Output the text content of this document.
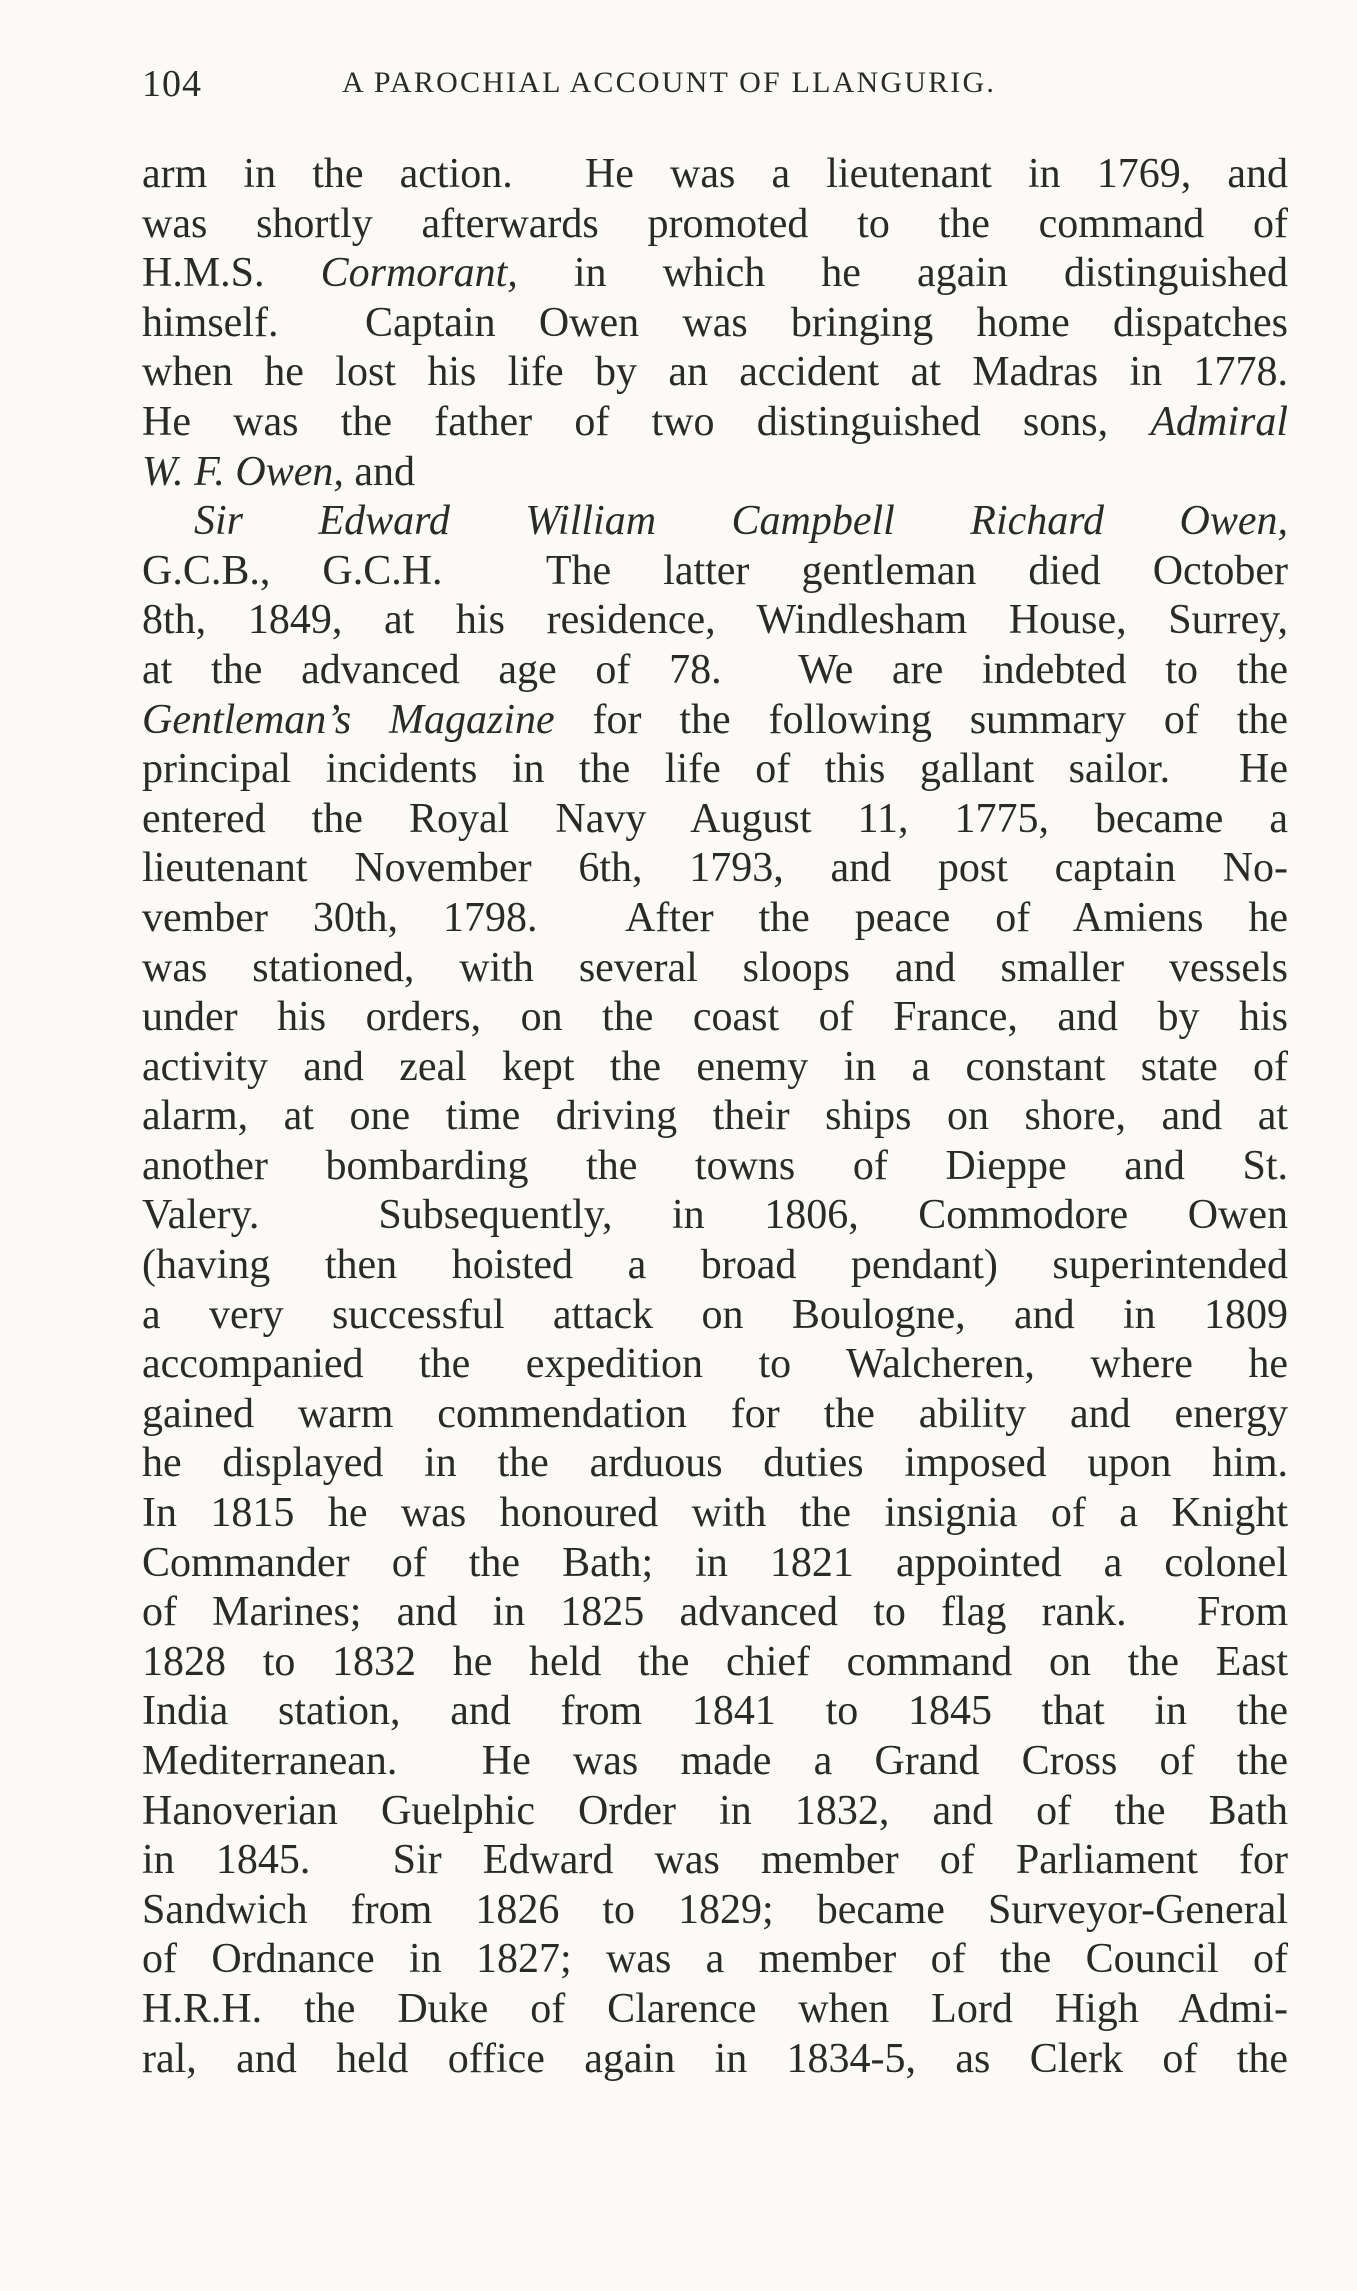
104	A PAROCHIAL ACCOUNT OF LLANGURIG.
arm in the action.  He was a lieutenant in 1769, and
was shortly afterwards promoted to the command of
H.M.S. Cormorant, in which he again distinguished
himself.  Captain Owen was bringing home dispatches
when he lost his life by an accident at Madras in 1778.
He was the father of two distinguished sons, Admiral
W. F. Owen, and
Sir Edward William Campbell Richard Owen,
G.C.B., G.C.H.  The latter gentleman died October
8th, 1849, at his residence, Windlesham House, Surrey,
at the advanced age of 78.  We are indebted to the
Gentleman’s Magazine for the following summary of the
principal incidents in the life of this gallant sailor.  He
entered the Royal Navy August 11, 1775, became a
lieutenant November 6th, 1793, and post captain No-
vember 30th, 1798.  After the peace of Amiens he
was stationed, with several sloops and smaller vessels
under his orders, on the coast of France, and by his
activity and zeal kept the enemy in a constant state of
alarm, at one time driving their ships on shore, and at
another bombarding the towns of Dieppe and St.
Valery.  Subsequently, in 1806, Commodore Owen
(having then hoisted a broad pendant) superintended
a very successful attack on Boulogne, and in 1809
accompanied the expedition to Walcheren, where he
gained warm commendation for the ability and energy
he displayed in the arduous duties imposed upon him.
In 1815 he was honoured with the insignia of a Knight
Commander of the Bath; in 1821 appointed a colonel
of Marines; and in 1825 advanced to flag rank.  From
1828 to 1832 he held the chief command on the East
India station, and from 1841 to 1845 that in the
Mediterranean.  He was made a Grand Cross of the
Hanoverian Guelphic Order in 1832, and of the Bath
in 1845.  Sir Edward was member of Parliament for
Sandwich from 1826 to 1829; became Surveyor-General
of Ordnance in 1827; was a member of the Council of
H.R.H. the Duke of Clarence when Lord High Admi-
ral, and held office again in 1834-5, as Clerk of the
